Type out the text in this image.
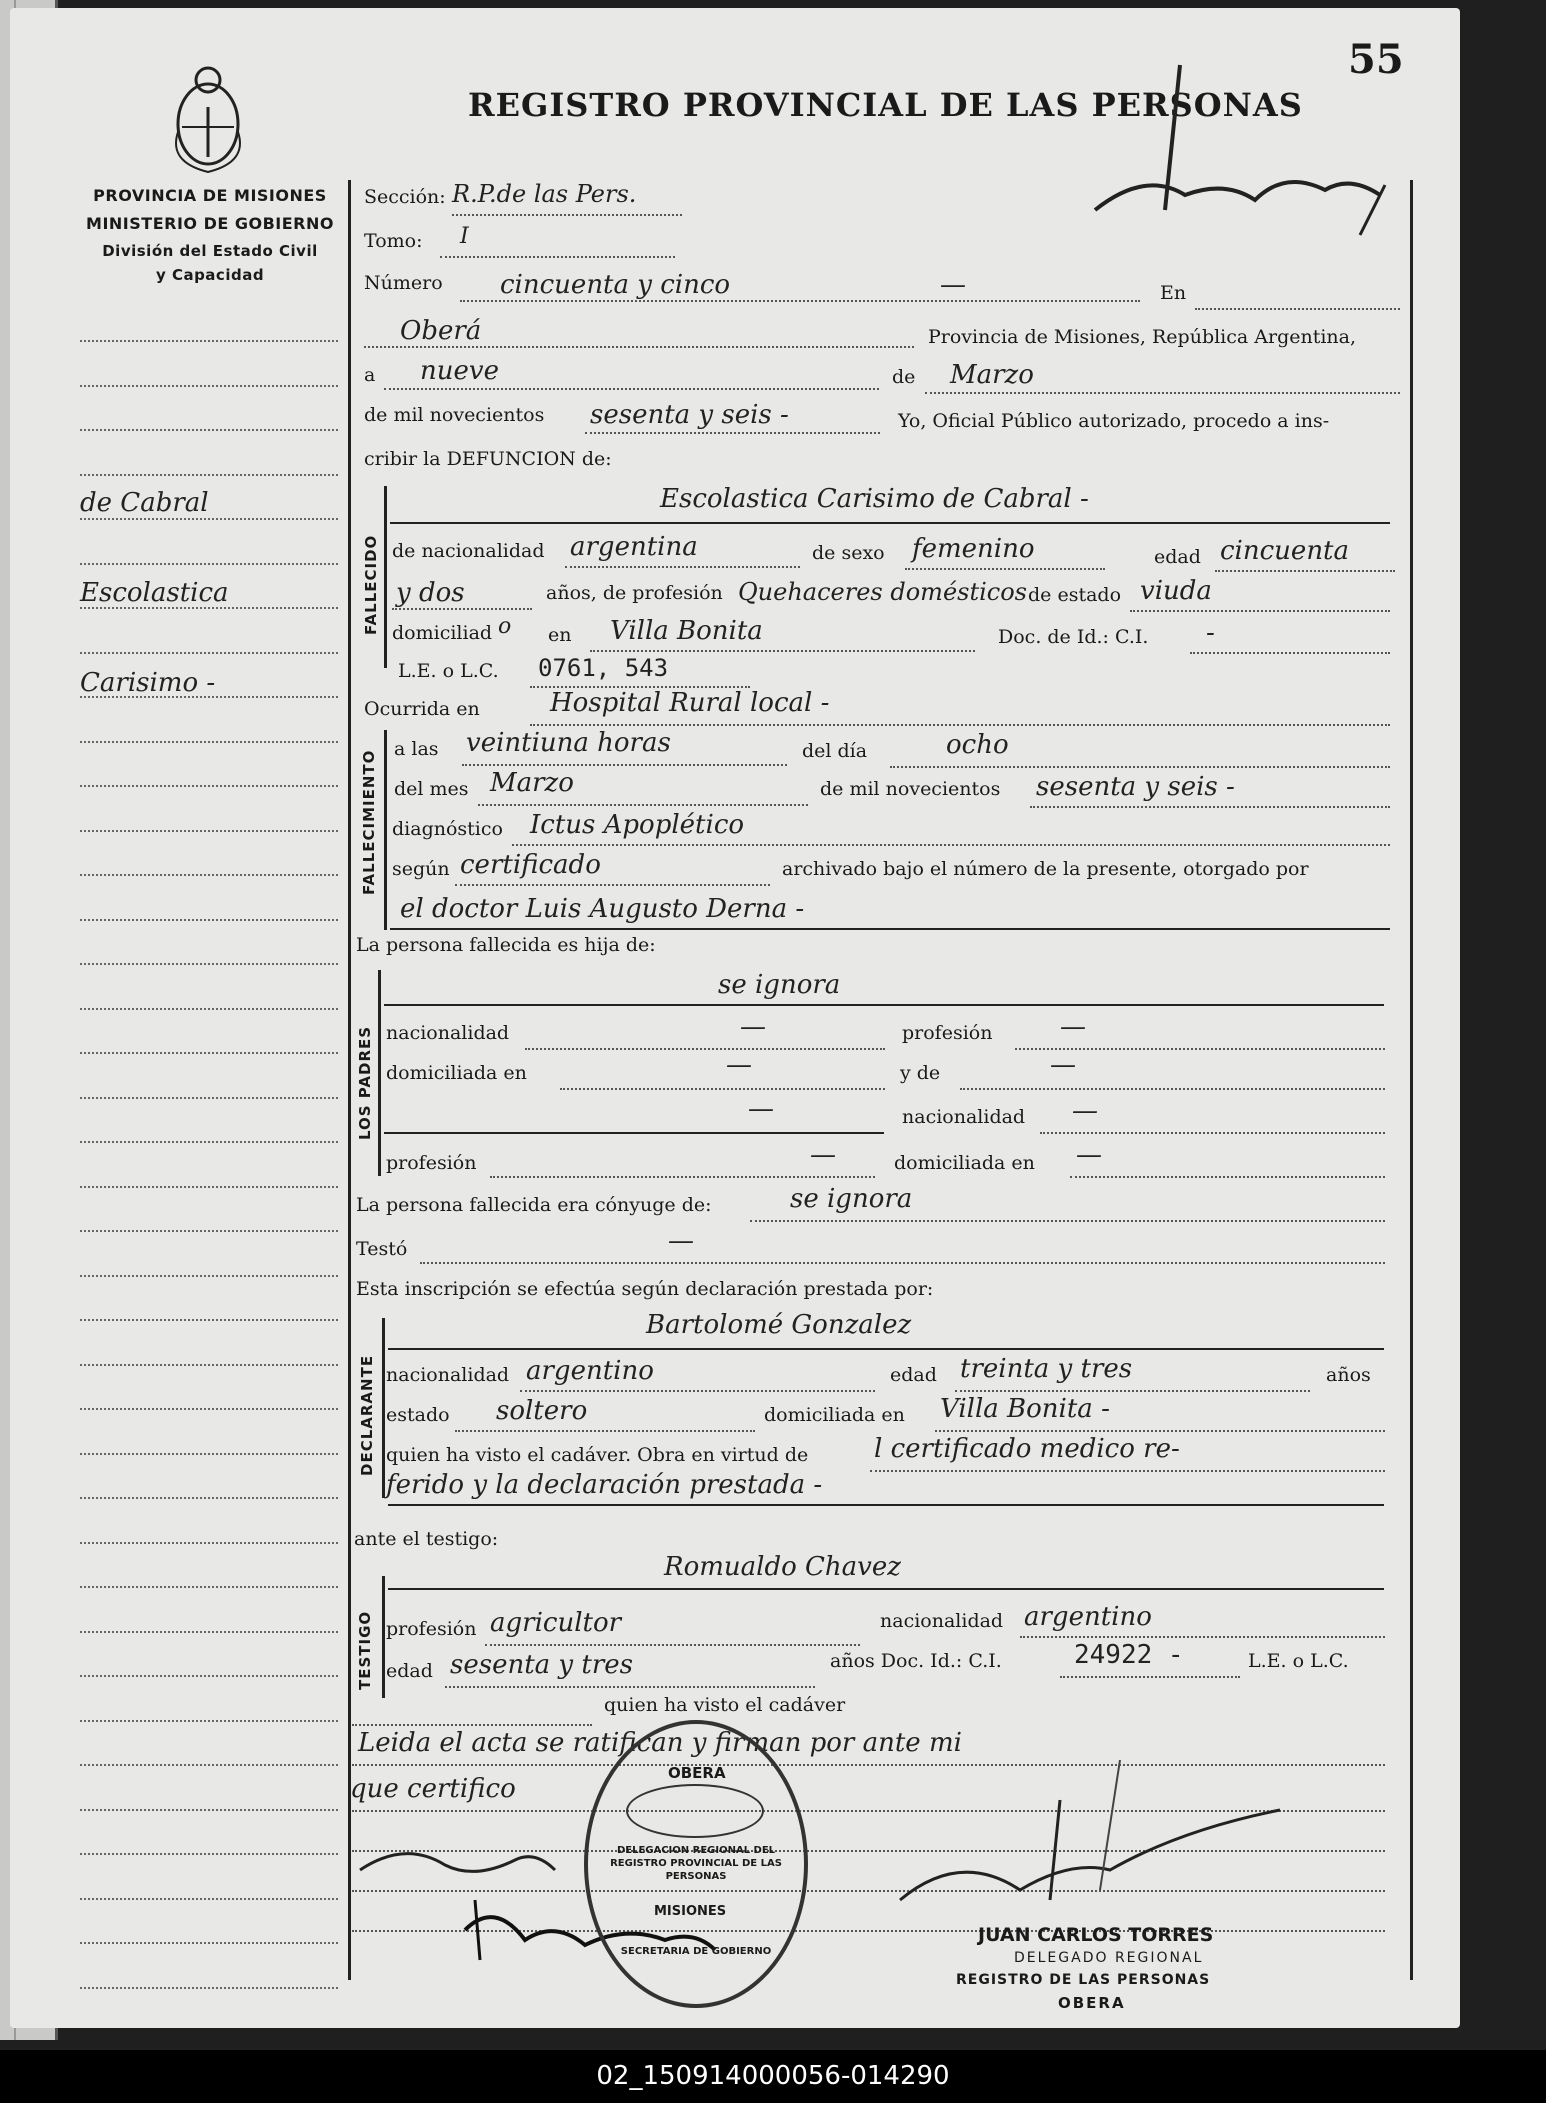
PROVINCIA DE MISIONES
MINISTERIO DE GOBIERNO
División del Estado Civil
y Capacidad
REGISTRO PROVINCIAL DE LAS PERSONAS
55
de Cabral
Escolastica
Carisimo -
Sección: R.P.de las Pers.
Tomo: I
Número cincuenta y cinco	—	En
Oberá	Provincia de Misiones, República Argentina,
a nueve	de Marzo
de mil novecientos sesenta y seis -	Yo, Oficial Público autorizado, procedo a ins-
cribir la DEFUNCION de:
FALLECIDO
Escolastica Carisimo de Cabral -
de nacionalidad argentina	de sexo femenino	edad cincuenta
y dos	años, de profesión Quehaceres domésticos de estado viuda
domiciliad o en Villa Bonita	Doc. de Id.: C.I. -
L.E. o L.C. 0761, 543
Ocurrida en	Hospital Rural local -
FALLECIMIENTO
a las veintiuna horas	del día	ocho
del mes Marzo	de mil novecientos sesenta y seis -
diagnóstico Ictus Apoplético
según certificado	archivado bajo el número de la presente, otorgado por
el doctor Luis Augusto Derna -
La persona fallecida es hija de:
LOS PADRES
se ignora
nacionalidad	—	profesión	—
domiciliada en	—	y de	—
—	nacionalidad —
profesión	—	domiciliada en —
La persona fallecida era cónyuge de:	se ignora
Testó	—
Esta inscripción se efectúa según declaración prestada por:
DECLARANTE
Bartolomé Gonzalez
nacionalidad argentino	edad treinta y tres	años
estado soltero	domiciliada en Villa Bonita -
quien ha visto el cadáver. Obra en virtud de	l certificado medico re-
ferido y la declaración prestada -
ante el testigo:
TESTIGO
Romualdo Chavez
profesión agricultor	nacionalidad argentino
edad sesenta y tres	años Doc. Id.: C.I.	24922 -	L.E. o L.C.
quien ha visto el cadáver
Leida el acta se ratifican y firman por ante mi
que certifico
OBERA
DELEGACION REGIONAL DEL REGISTRO PROVINCIAL DE LAS PERSONAS
MISIONES
SECRETARIA DE GOBIERNO
JUAN CARLOS TORRES
DELEGADO REGIONAL
REGISTRO DE LAS PERSONAS
OBERA
02_150914000056-014290
